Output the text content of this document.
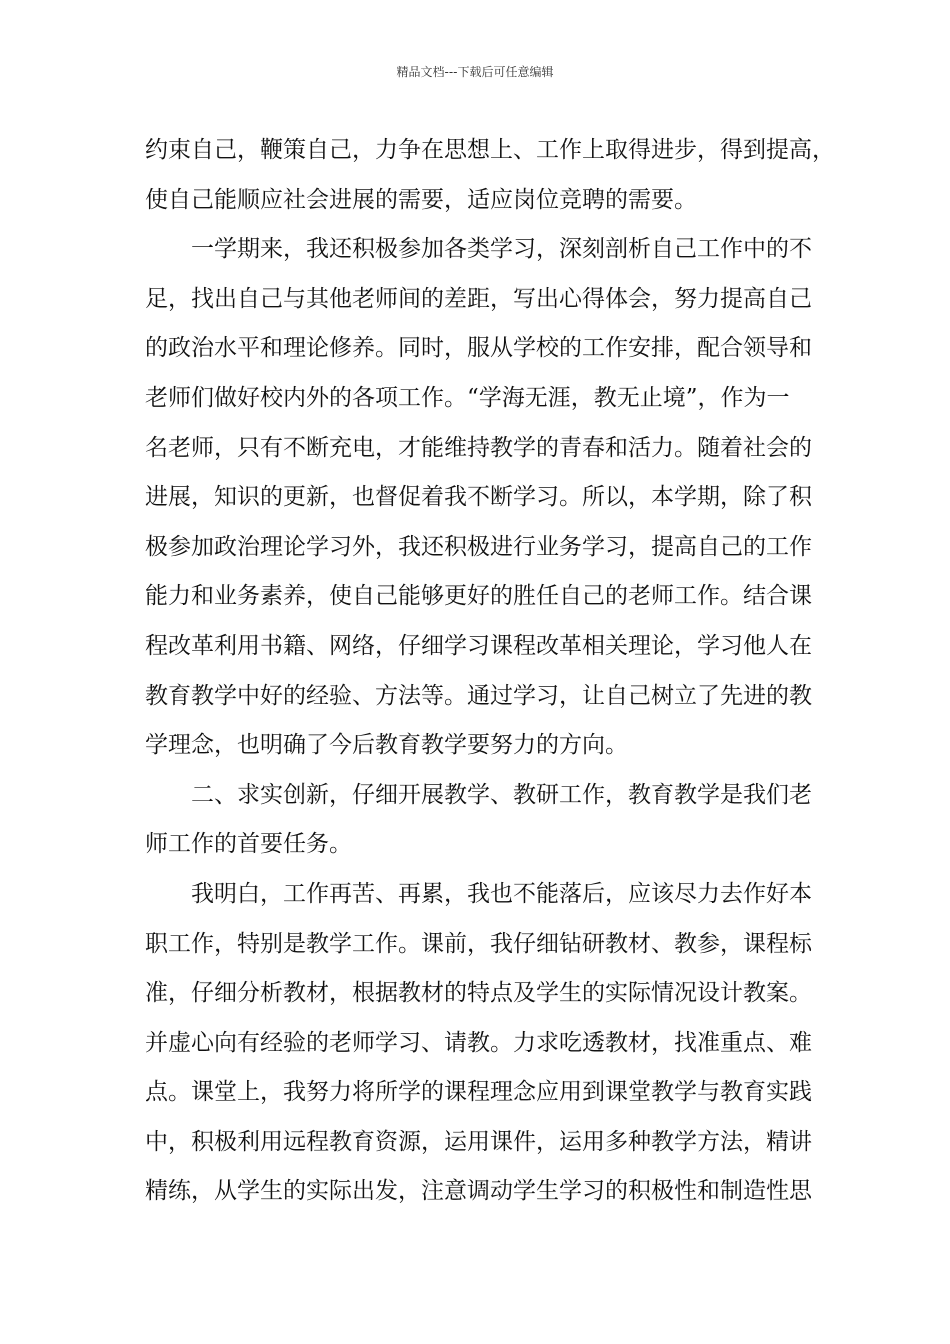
精品文档---下载后可任意编辑
约束自己，鞭策自己，力争在思想上、工作上取得进步，得到提高，
使自己能顺应社会进展的需要，适应岗位竞聘的需要。
　　一学期来，我还积极参加各类学习，深刻剖析自己工作中的不
足，找出自己与其他老师间的差距，写出心得体会，努力提高自己
的政治水平和理论修养。同时，服从学校的工作安排，配合领导和
老师们做好校内外的各项工作。“学海无涯，教无止境”，作为一
名老师，只有不断充电，才能维持教学的青春和活力。随着社会的
进展，知识的更新，也督促着我不断学习。所以，本学期，除了积
极参加政治理论学习外，我还积极进行业务学习，提高自己的工作
能力和业务素养，使自己能够更好的胜任自己的老师工作。结合课
程改革利用书籍、网络，仔细学习课程改革相关理论，学习他人在
教育教学中好的经验、方法等。通过学习，让自己树立了先进的教
学理念，也明确了今后教育教学要努力的方向。
　　二、求实创新，仔细开展教学、教研工作，教育教学是我们老
师工作的首要任务。
　　我明白，工作再苦、再累，我也不能落后，应该尽力去作好本
职工作，特别是教学工作。课前，我仔细钻研教材、教参，课程标
准，仔细分析教材，根据教材的特点及学生的实际情况设计教案。
并虚心向有经验的老师学习、请教。力求吃透教材，找准重点、难
点。课堂上，我努力将所学的课程理念应用到课堂教学与教育实践
中，积极利用远程教育资源，运用课件，运用多种教学方法，精讲
精练，从学生的实际出发，注意调动学生学习的积极性和制造性思
